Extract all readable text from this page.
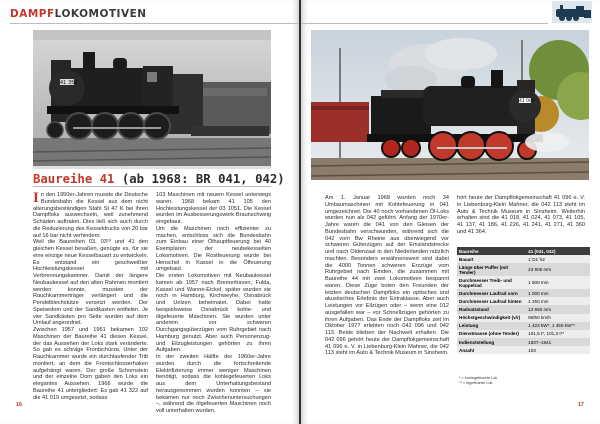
DAMPFLOKOMOTIVEN
41 352
Baureihe 41 (ab 1968: BR 041, 042)
I n den 1950er-Jahren musste die Deutsche Bundesbahn die Kessel aus dem nicht alterungsbeständigen Stahl St 47 K bei ihren Dampfloks auswechseln, weil zunehmend Schäden auftraten. Dies ließ sich auch durch die Reduzierung des Kesseldrucks von 20 bar auf 16 bar nicht verhindern.
Weil die Baureihen 03, 03¹⁰ und 41 den gleichen Kessel besaßen, genügte es, für sie eine einzige neue Kesselbauart zu entwickeln. Es entstand ein geschweißter Hochleistungskessel mit Verbrennungskammer. Damit der längere Neubaukessel auf den alten Rahmen montiert werden konnte, mussten der Rauchkammerträger verlängert und die Pendelblechstütze versetzt werden. Der Speisedom und der Sandkasten entfielen. Je vier Sandkästen pro Seite wurden auf dem Umlauf angeordnet.
Zwischen 1957 und 1961 bekamen 102 Maschinen der Baureihe 41 diesen Kessel, der das Aussehen der Loks stark veränderte. So gab es schräge Frontschürze. Unter der Rauchkammer wurde ein durchlaufender Tritt montiert, an dem die Frontschlosserhaken aufgehängt waren. Der große Schornstein und der einzelne Dom gaben den Loks ein elegantes Aussehen. 1966 wurde die Baureihe 41 untergliedert: Es gab 41 322 auf die 41 019 umgesetzt, sodass

103 Maschinen mit neuem Kessel unterwegs waren. 1968 bekam 41 105 den Hochleistungskessel der 03 1051. Die Kessel wurden im Ausbesserungswerk Braunschweig eingebaut.
Um die Maschinen noch effizienter zu machen, entschloss sich die Bundesbahn zum Einbau einer Ölhauptfeuerung bei 40 Exemplaren der neubekesselten Lokomotiven. Die Rostfeuerung wurde bei Henschel in Kassel in die Ölfeuerung umgebaut.
Die ersten Lokomotiven mit Neubaukessel kamen ab 1957 nach Bremerhaven, Fulda, Kassel und Wanne-Eickel, später wurden sie noch in Hamburg, Kirchweyhe, Osnabrück und Uelzen beheimatet. Dabei hatte beispielsweise Osnabrück kohle- und ölgefeuerte Maschinen. Sie wurden unter anderem vor schweren Durchgangsgüterzügen vom Ruhrgebiet nach Hamburg genutzt. Aber auch Personenzug- und Eilzugleistungen gehörten zu ihren Aufgaben.
In der zweiten Hälfte der 1960er-Jahre wurden durch die fortschreitende Elektrifizierung immer weniger Maschinen benötigt, sodass die kohlegefeuerten Loks aus dem Unterhaltungsbestand herausgenommen wurden konnten – sie bekamen nur noch Zwischenuntersuchungen –, während die ölgefeuerten Maschinen noch voll unterhalten wurden.

16
41 096

Am 1. Januar 1968 wurden noch 34 Umbaumaschinen mit Kohlefeuerung in 041 umgezeichnet. Die 40 noch vorhandenen Öl-Loks wurden nun als 042 geführt. Anfang der 1970er-Jahre waren die 041 von den Gleisen der Bundesbahn verschwunden, während sich die 042 vom Bw Rheine aus überwiegend vor schweren Güterzügen auf der Emslandstrecke und nach Oldenzaal in den Niederlanden nützlich machten. Besonders erwähnenswert sind dabei die 4000 Tonnen schweren Erzzüge vom Ruhrgebiet nach Emden, die zusammen mit Baureihe 44 mit zwei Lokomotiven bespannt waren. Diese Züge boten den Freunden der letzten deutschen Dampfloks ein optisches und akustisches Erlebnis der Extraklasse. Aber auch Leistungen vor Eilzügen oder – wenn eine 012 ausgefallen war – vor Schnellzügen gehörten zu ihren Aufgaben. Das Ende der Dampfloks zeit im Oktober 1977 erlebten noch 042 096 und 042 113. Beide blieben der Nachwelt erhalten. Die 042 096 gehört heute der Dampflokgemeinschaft 41 096 e. V. in Liebenburg-Klein Mahner, die 042 113 steht im Auto & Technik Museum in Sinsheim.

hört heute der Dampflokgemeinschaft 41 096 e. V. in Liebenburg-Klein Mahner, die 042 113 steht im Auto & Technik Museum in Sinsheim. Weiterhin erhalten sind die 41 018, 41 024, 41 073, 41 105, 41 137, 41 186, 41 226, 41 241, 41 271, 41 360 und 41 364.

Baureihe	41 (041, 042)
Bauart	1´D1´h2
Länge über Puffer (mit Tender)	23 905 mm
Durchmesser Treib- und Kuppelrad	1 600 mm
Durchmesser Laufrad vorn	1 000 mm
Durchmesser Laufrad hinten	1 250 mm
Radsatzstand	12 650 mm
Höchstgeschwindigkeit (v/r)	90/50 km/h
Leistung	1 423 kW*, 1 450 kW**
Dienstmasse (ohne Tender)	101,5 t*, 101,3 t**
Indienststellung	1937–1941
Anzahl	103
* = kohlegefeuerte Lok
** = ölgefeuerte Lok
17
